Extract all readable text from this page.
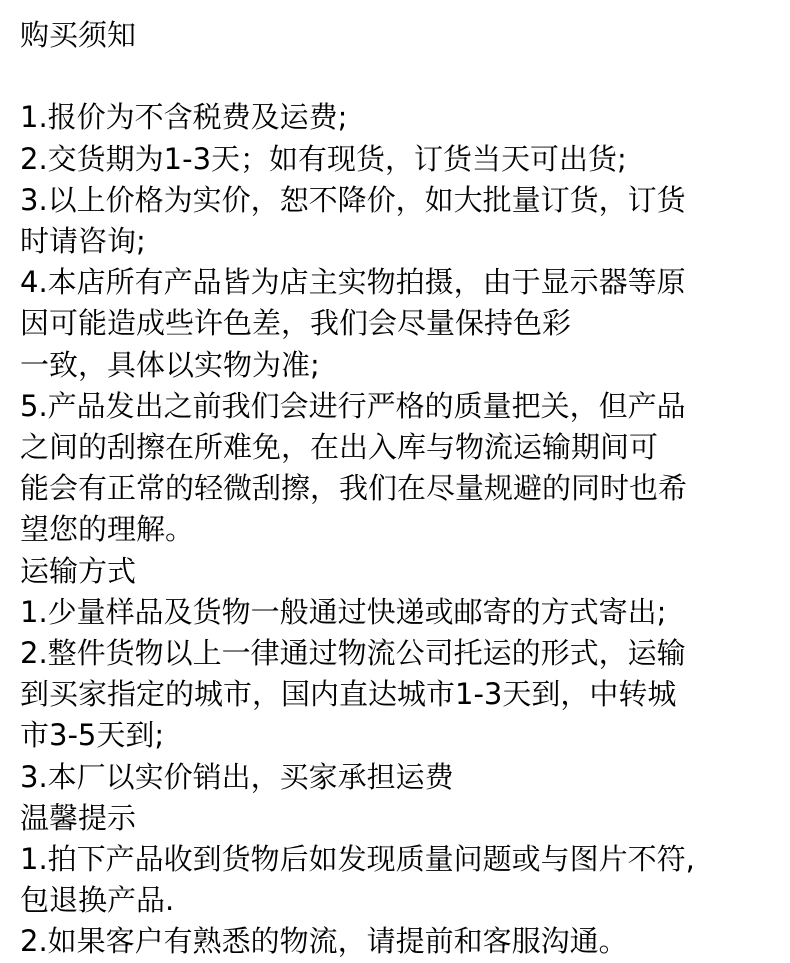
购买须知
1.报价为不含税费及运费;
2.交货期为1-3天；如有现货，订货当天可出货;
3.以上价格为实价，恕不降价，如大批量订货，订货
时请咨询;
4.本店所有产品皆为店主实物拍摄，由于显示器等原
因可能造成些许色差，我们会尽量保持色彩
一致，具体以实物为准;
5.产品发出之前我们会进行严格的质量把关，但产品
之间的刮擦在所难免，在出入库与物流运输期间可
能会有正常的轻微刮擦，我们在尽量规避的同时也希
望您的理解。
运输方式
1.少量样品及货物一般通过快递或邮寄的方式寄出;
2.整件货物以上一律通过物流公司托运的形式，运输
到买家指定的城市，国内直达城市1-3天到，中转城
市3-5天到;
3.本厂以实价销出，买家承担运费
温馨提示
1.拍下产品收到货物后如发现质量问题或与图片不符,
包退换产品.
2.如果客户有熟悉的物流，请提前和客服沟通。
